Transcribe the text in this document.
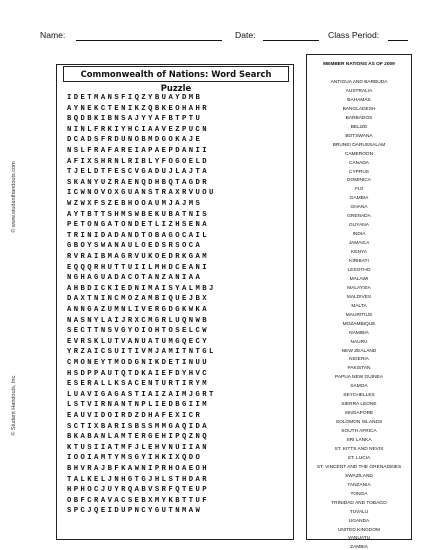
Name:	Date:	Class Period:
© www.studenthandouts.com
© Student Handouts, Inc.
Commonwealth of Nations: Word Search Puzzle
IDETMANSFIQZYBUAYDMB
AYNEKCTENIKZQBKEOHAHR
BQDBKIBNSAJYYAFBTPTU
NINLFRKIYHCIAAVEZPUCN
DCADSFRDUNOBMDGOKAJE
NSLFRAFAREIAPAEPDANII
AFIXSHRNLRIBLYFOGOELD
TJELDTFESCVGADUJLAJTA
SKANYUZRAENQDHBQTAGDR
ICWNOVOXGUANSTRAXRVUOU
WZWXFSZEBHOOAUMJAJMS
AYTBTTSHMSWBEKUBATNIS
PETONGATONDETLIZHSENA
TRINIDADANDTOBAGOCAIL
GBOYSWANAULOEDSRSOCA
RVRAIBMAGRVUKOEDRKGAM
EQQQRHUTTUIILMHDCEANI
NGHAGUADACOTANZANIAA
AHBDICKIEDNIMAISYALMBJ
DAXTNINCMOZAMBIQUEJBX
ANNGAZUMNLIVERGDGKWKA
NASNYLAIJRXCMGRLUQNWB
SECTTNSVGYOIOHTOSELCW
EVRSKLUTVANUATUMGQECY
YRZAICSUITIVMJAMITNTGL
CMONEYTMODGNIKDETINUU
HSDPPAUTQTDKAIEFDYHVC
ESERALLKSACENTURTIRYM
LUAVIGAGASTIAIZAIMJGRT
LSTVIRNANTNPLIEDBGIIM
EAUVIDOIRDZDHAFEXICR
SCTIXBARISBSSMMGAQIDA
BKABANLAMTERGEHIPQZNQ
KTUSIIATMFJLEHVNUIIAN
IOOIAMTYMSGYIHKIXQDO
BHVRAJBFKAWNIPRHOAEOH
TALKELJNHGTGJHLSTHDAR
HPHOCJUYRQABVSRFQTEUP
OBFCRAVACSEBXMYKBTTUF
SPCJQEIDUPNCYGUTNMAW
MEMBER NATIONS AS OF 2009
ANTIGUA AND BARBUDA
AUSTRALIA
BAHAMAS
BANGLADESH
BARBADOS
BELIZE
BOTSWANA
BRUNEI DARUSSALAM
CAMEROON
CANADA
CYPRUS
DOMINICA
FIJI
GAMBIA
GHANA
GRENADA
GUYANA
INDIA
JAMAICA
KENYA
KIRIBATI
LESOTHO
MALAWI
MALAYSIA
MALDIVES
MALTA
MAURITIUS
MOZAMBIQUE
NAMIBIA
NAURU
NEW ZEALAND
NIGERIA
PAKISTAN
PAPUA NEW GUINEA
SAMOA
SEYCHELLES
SIERRA LEONE
SINGAPORE
SOLOMON ISLANDS
SOUTH AFRICA
SRI LANKA
ST. KITTS AND NEVIS
ST. LUCIA
ST. VINCENT AND THE GRENADINES
SWAZILAND
TANZANIA
TONGA
TRINIDAD AND TOBAGO
TUVALU
UGANDA
UNITED KINGDOM
VANUATU
ZAMBIA
